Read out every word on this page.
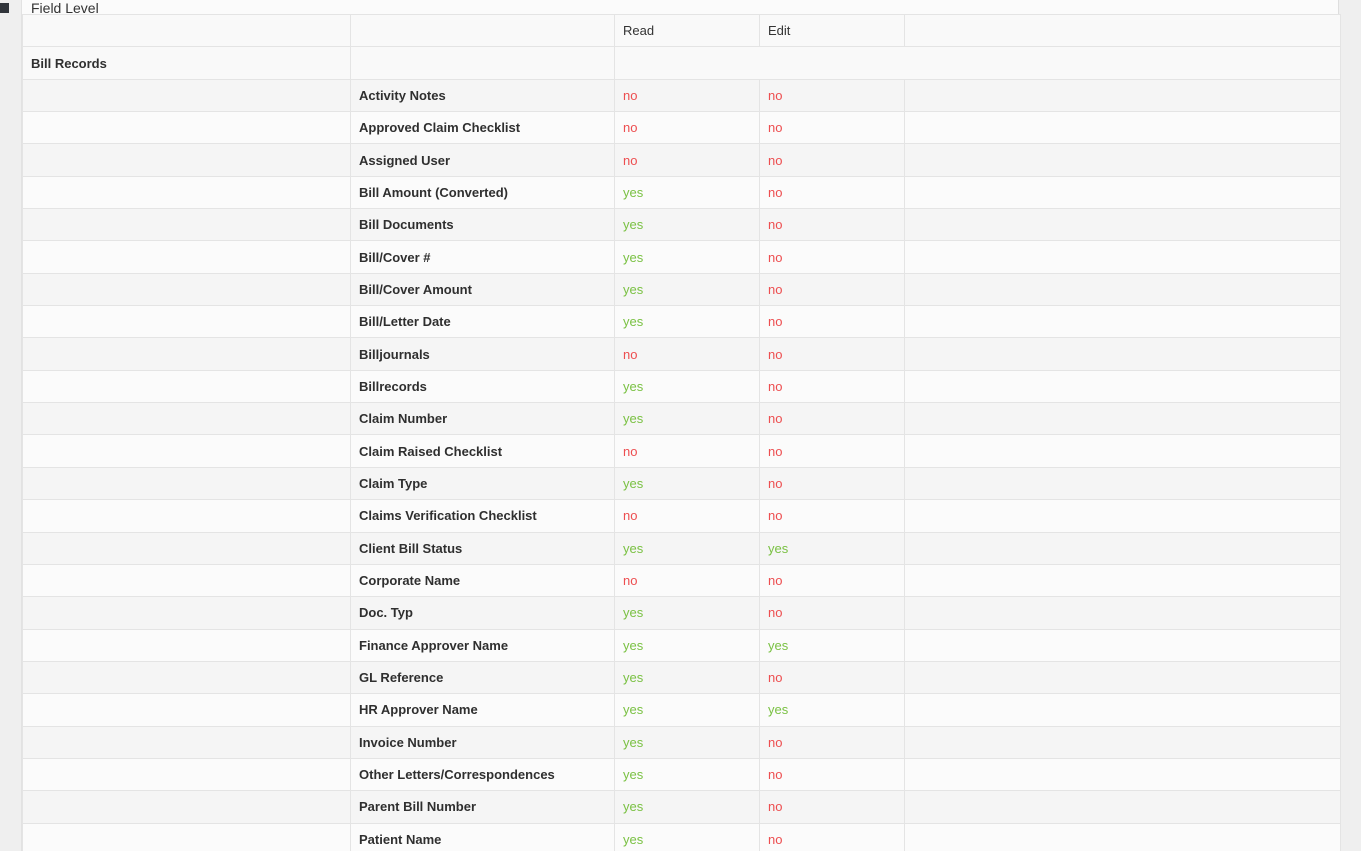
Field Level
		Read	Edit	
Bill Records				
	Activity Notes	no	no	
	Approved Claim Checklist	no	no	
	Assigned User	no	no	
	Bill Amount (Converted)	yes	no	
	Bill Documents	yes	no	
	Bill/Cover #	yes	no	
	Bill/Cover Amount	yes	no	
	Bill/Letter Date	yes	no	
	Billjournals	no	no	
	Billrecords	yes	no	
	Claim Number	yes	no	
	Claim Raised Checklist	no	no	
	Claim Type	yes	no	
	Claims Verification Checklist	no	no	
	Client Bill Status	yes	yes	
	Corporate Name	no	no	
	Doc. Typ	yes	no	
	Finance Approver Name	yes	yes	
	GL Reference	yes	no	
	HR Approver Name	yes	yes	
	Invoice Number	yes	no	
	Other Letters/Correspondences	yes	no	
	Parent Bill Number	yes	no	
	Patient Name	yes	no	
